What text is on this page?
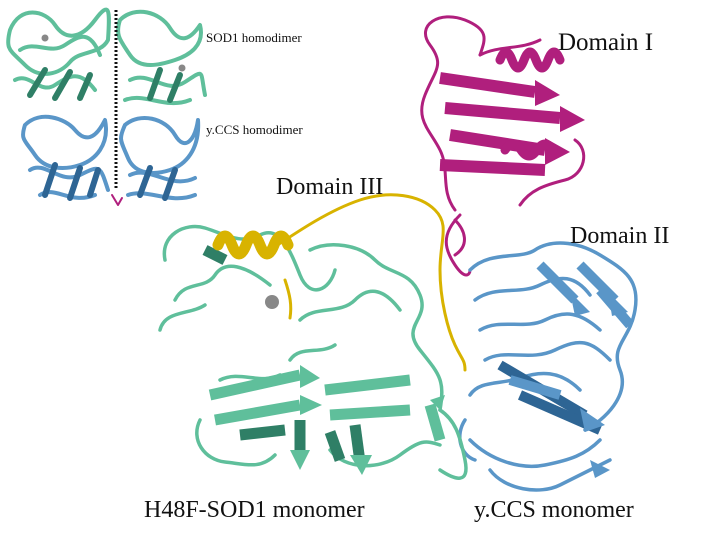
SOD1 homodimer
y.CCS homodimer
Domain I
Domain III
Domain II
H48F-SOD1 monomer	y.CCS monomer
